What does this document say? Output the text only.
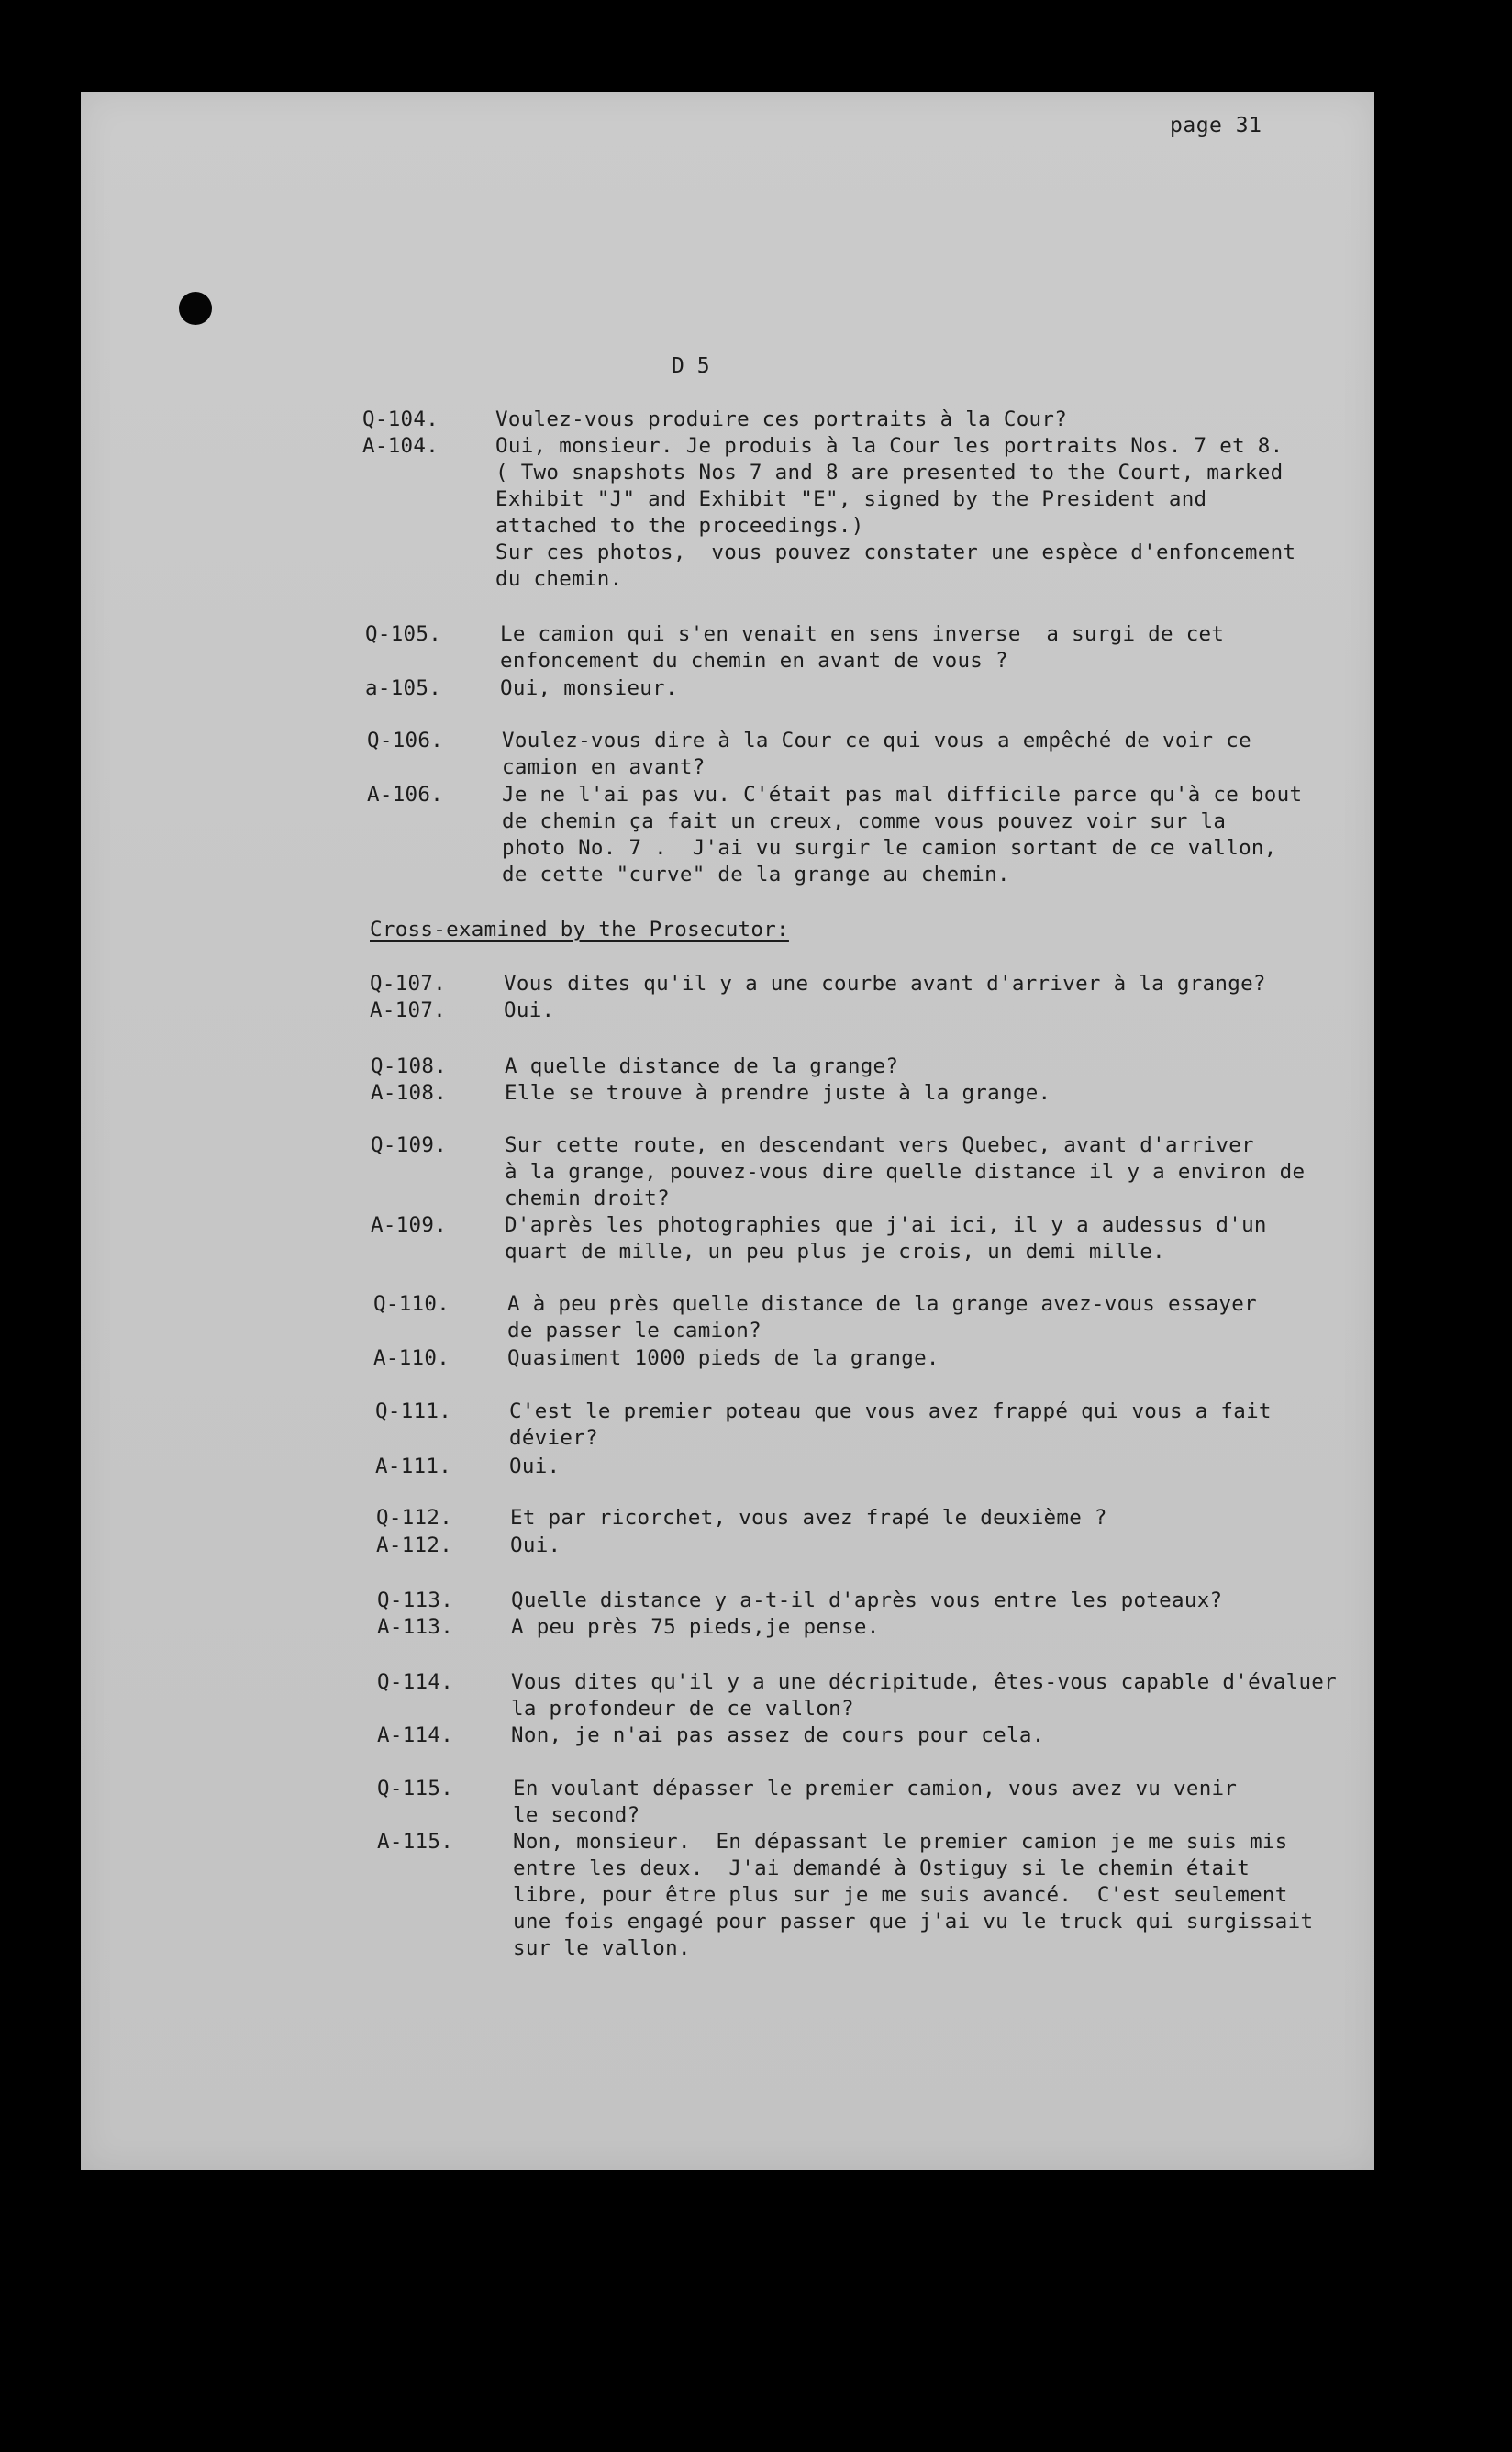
page 31
D 5
Cross-examined by the Prosecutor:
Q-104.	Voulez-vous produire ces portraits à la Cour?
A-104.	Oui, monsieur. Je produis à la Cour les portraits Nos. 7 et 8.
( Two snapshots Nos 7 and 8 are presented to the Court, marked
Exhibit "J" and Exhibit "E", signed by the President and
attached to the proceedings.)
Sur ces photos,  vous pouvez constater une espèce d'enfoncement
du chemin.
Q-105.	Le camion qui s'en venait en sens inverse  a surgi de cet
enfoncement du chemin en avant de vous ?
a-105.	Oui, monsieur.
Q-106.	Voulez-vous dire à la Cour ce qui vous a empêché de voir ce
camion en avant?
A-106.	Je ne l'ai pas vu. C'était pas mal difficile parce qu'à ce bout
de chemin ça fait un creux, comme vous pouvez voir sur la
photo No. 7 .  J'ai vu surgir le camion sortant de ce vallon,
de cette "curve" de la grange au chemin.
Q-107.	Vous dites qu'il y a une courbe avant d'arriver à la grange?
A-107.	Oui.
Q-108.	A quelle distance de la grange?
A-108.	Elle se trouve à prendre juste à la grange.
Q-109.	Sur cette route, en descendant vers Quebec, avant d'arriver
à la grange, pouvez-vous dire quelle distance il y a environ de
chemin droit?
A-109.	D'après les photographies que j'ai ici, il y a audessus d'un
quart de mille, un peu plus je crois, un demi mille.
Q-110.	A à peu près quelle distance de la grange avez-vous essayer
de passer le camion?
A-110.	Quasiment 1000 pieds de la grange.
Q-111.	C'est le premier poteau que vous avez frappé qui vous a fait
dévier?
A-111.	Oui.
Q-112.	Et par ricorchet, vous avez frapé le deuxième ?
A-112.	Oui.
Q-113.	Quelle distance y a-t-il d'après vous entre les poteaux?
A-113.	A peu près 75 pieds,je pense.
Q-114.	Vous dites qu'il y a une décripitude, êtes-vous capable d'évaluer
la profondeur de ce vallon?
A-114.	Non, je n'ai pas assez de cours pour cela.
Q-115.	En voulant dépasser le premier camion, vous avez vu venir
le second?
A-115.	Non, monsieur.  En dépassant le premier camion je me suis mis
entre les deux.  J'ai demandé à Ostiguy si le chemin était
libre, pour être plus sur je me suis avancé.  C'est seulement
une fois engagé pour passer que j'ai vu le truck qui surgissait
sur le vallon.
